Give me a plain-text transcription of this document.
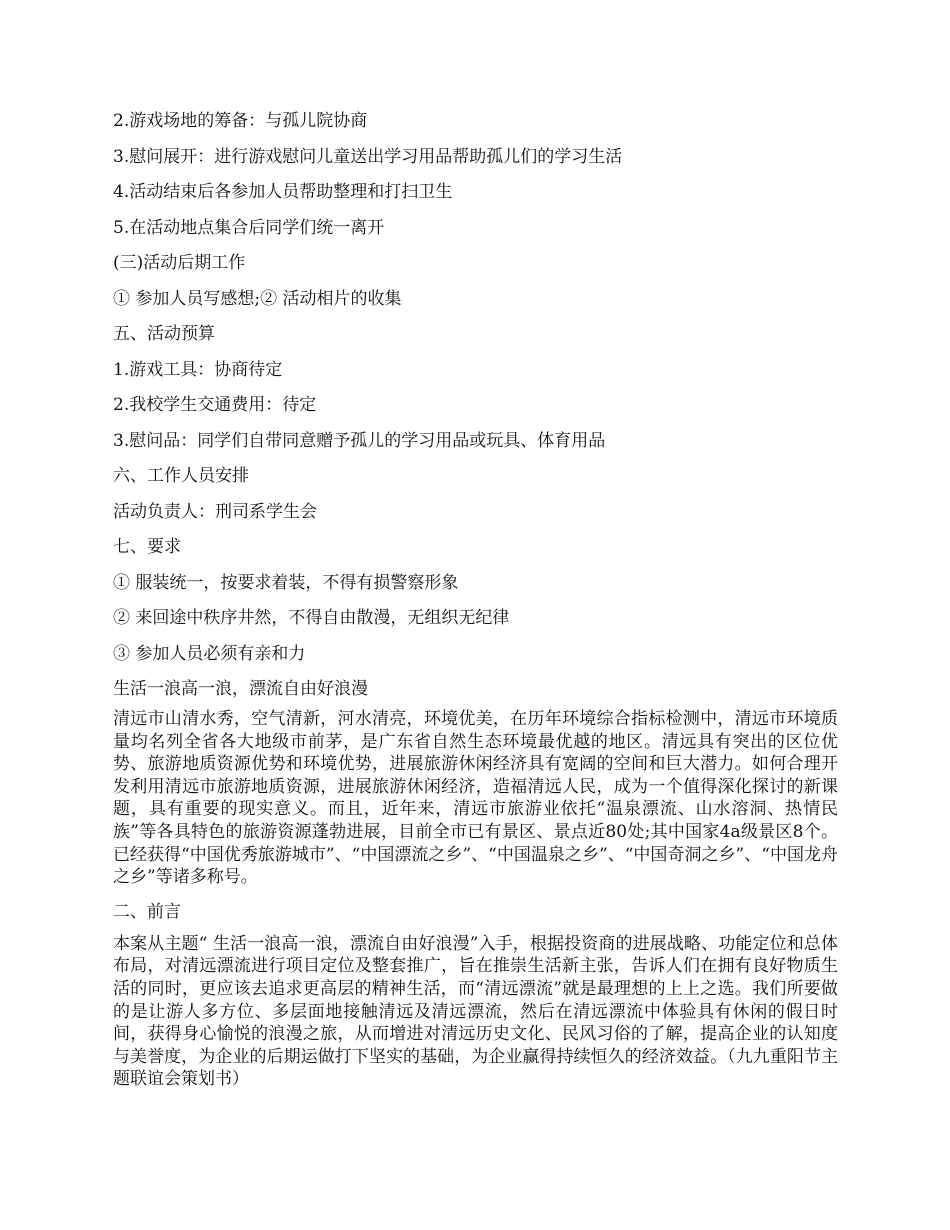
2.游戏场地的筹备：与孤儿院协商
3.慰问展开：进行游戏慰问儿童送出学习用品帮助孤儿们的学习生活
4.活动结束后各参加人员帮助整理和打扫卫生
5.在活动地点集合后同学们统一离开
(三)活动后期工作
① 参加人员写感想;② 活动相片的收集
五、活动预算
1.游戏工具：协商待定
2.我校学生交通费用：待定
3.慰问品：同学们自带同意赠予孤儿的学习用品或玩具、体育用品
六、工作人员安排
活动负责人：刑司系学生会
七、要求
① 服装统一，按要求着装，不得有损警察形象
② 来回途中秩序井然，不得自由散漫，无组织无纪律
③ 参加人员必须有亲和力
生活一浪高一浪，漂流自由好浪漫

清远市山清水秀，空气清新，河水清亮，环境优美，在历年环境综合指标检测中，清远市环境质量均名列全省各大地级市前茅，是广东省自然生态环境最优越的地区。清远具有突出的区位优势、旅游地质资源优势和环境优势，进展旅游休闲经济具有宽阔的空间和巨大潜力。如何合理开发利用清远市旅游地质资源，进展旅游休闲经济，造福清远人民，成为一个值得深化探讨的新课题，具有重要的现实意义。而且，近年来，清远市旅游业依托“温泉漂流、山水溶洞、热情民族”等各具特色的旅游资源蓬勃进展，目前全市已有景区、景点近80处;其中国家4a级景区8个。已经获得“中国优秀旅游城市”、“中国漂流之乡”、“中国温泉之乡”、“中国奇洞之乡”、“中国龙舟之乡”等诸多称号。

二、前言

本案从主题“ 生活一浪高一浪，漂流自由好浪漫”入手，根据投资商的进展战略、功能定位和总体布局，对清远漂流进行项目定位及整套推广，旨在推崇生活新主张，告诉人们在拥有良好物质生活的同时，更应该去追求更高层的精神生活，而“清远漂流”就是最理想的上上之选。我们所要做的是让游人多方位、多层面地接触清远及清远漂流，然后在清远漂流中体验具有休闲的假日时间，获得身心愉悦的浪漫之旅，从而增进对清远历史文化、民风习俗的了解，提高企业的认知度与美誉度，为企业的后期运做打下坚实的基础，为企业赢得持续恒久的经济效益。（九九重阳节主题联谊会策划书）
